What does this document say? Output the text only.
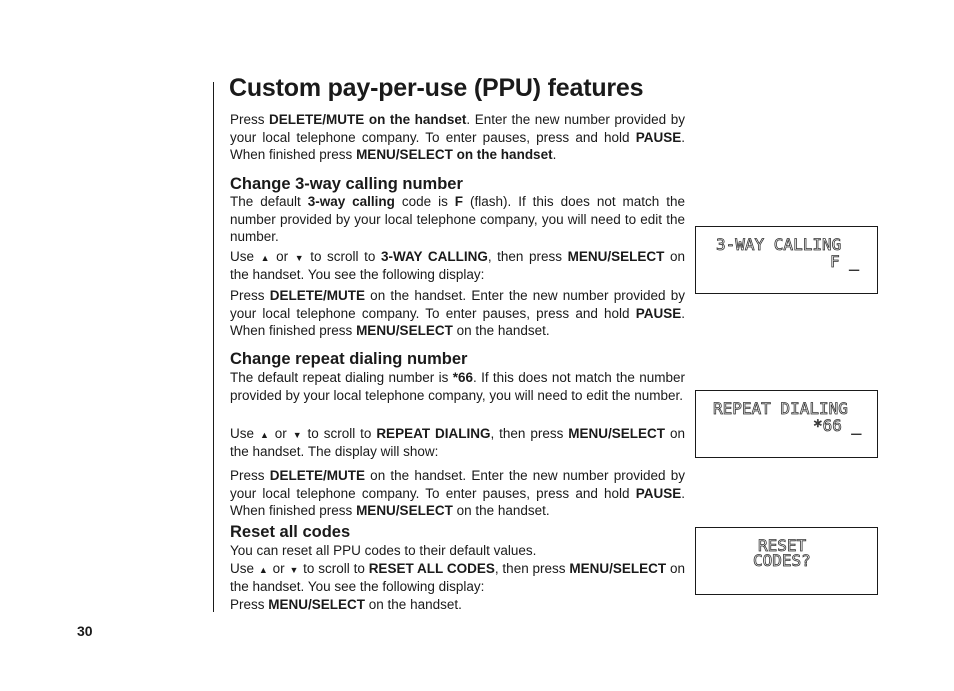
Custom pay-per-use (PPU) features

Press DELETE/MUTE on the handset. Enter the new number provided by your local telephone company. To enter pauses, press and hold PAUSE. When finished press MENU/SELECT on the handset.

Change 3-way calling number

The default 3-way calling code is F (flash). If this does not match the number provided by your local telephone company, you will need to edit the number.

Use ▲ or ▼ to scroll to 3-WAY CALLING, then press MENU/SELECT on the handset. You see the following display:

Press DELETE/MUTE on the handset. Enter the new number provided by your local telephone company. To enter pauses, press and hold PAUSE. When finished press MENU/SELECT on the handset.

3-WAY CALLING
F _
Change repeat dialing number

The default repeat dialing number is *66. If this does not match the number provided by your local telephone company, you will need to edit the number.

Use ▲ or ▼ to scroll to REPEAT DIALING, then press MENU/SELECT on the handset. The display will show:

Press DELETE/MUTE on the handset. Enter the new number provided by your local telephone company. To enter pauses, press and hold PAUSE. When finished press MENU/SELECT on the handset.

REPEAT DIALING
*66 _
Reset all codes

You can reset all PPU codes to their default values.

Use ▲ or ▼ to scroll to RESET ALL CODES, then press MENU/SELECT on the handset. You see the following display:

Press MENU/SELECT on the handset.

RESET
CODES?
30
